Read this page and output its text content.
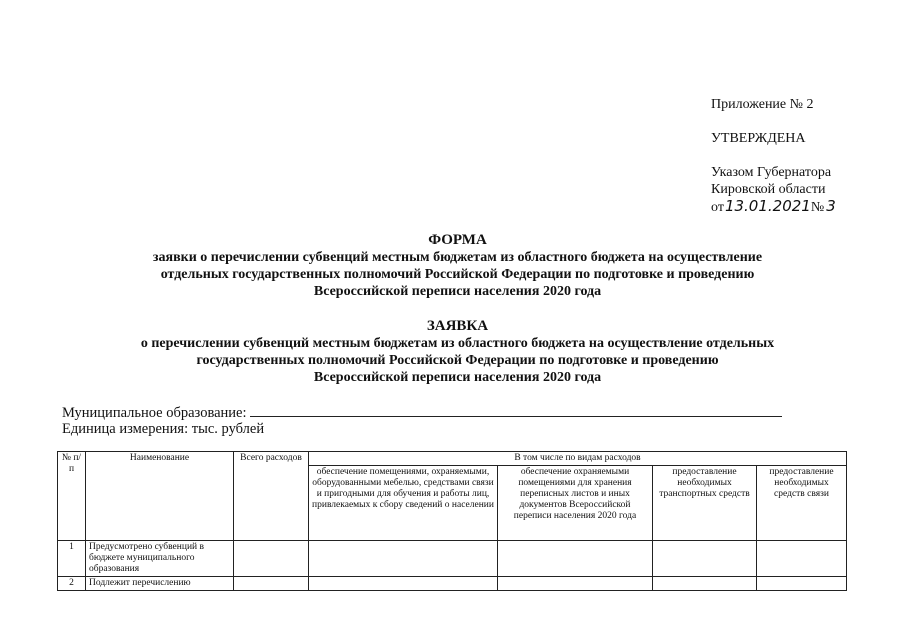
Приложение № 2

УТВЕРЖДЕНА

Указом Губернатора

Кировской области

от 13.01.2021 № 3

ФОРМА
заявки о перечислении субвенций местным бюджетам из областного бюджета на осуществление
отдельных государственных полномочий Российской Федерации по подготовке и проведению
Всероссийской переписи населения 2020 года
ЗАЯВКА
о перечислении субвенций местным бюджетам из областного бюджета на осуществление отдельных
государственных полномочий Российской Федерации по подготовке и проведению
Всероссийской переписи населения 2020 года
Муниципальное образование:
Единица измерения: тыс. рублей
№ п/п	Наименование	Всего расходов	В том числе по видам расходов			
			обеспечение помещениями, охраняемыми, оборудованными мебелью, средствами связи и пригодными для обучения и работы лиц, привлекаемых к сбору сведений о населении	обеспечение охраняемыми помещениями для хранения переписных листов и иных документов Всероссийской переписи населения 2020 года	предоставление необходимых транспортных средств	предоставление необходимых средств связи
1	Предусмотрено субвенций в бюджете муниципального образования					
2	Подлежит перечислению					
